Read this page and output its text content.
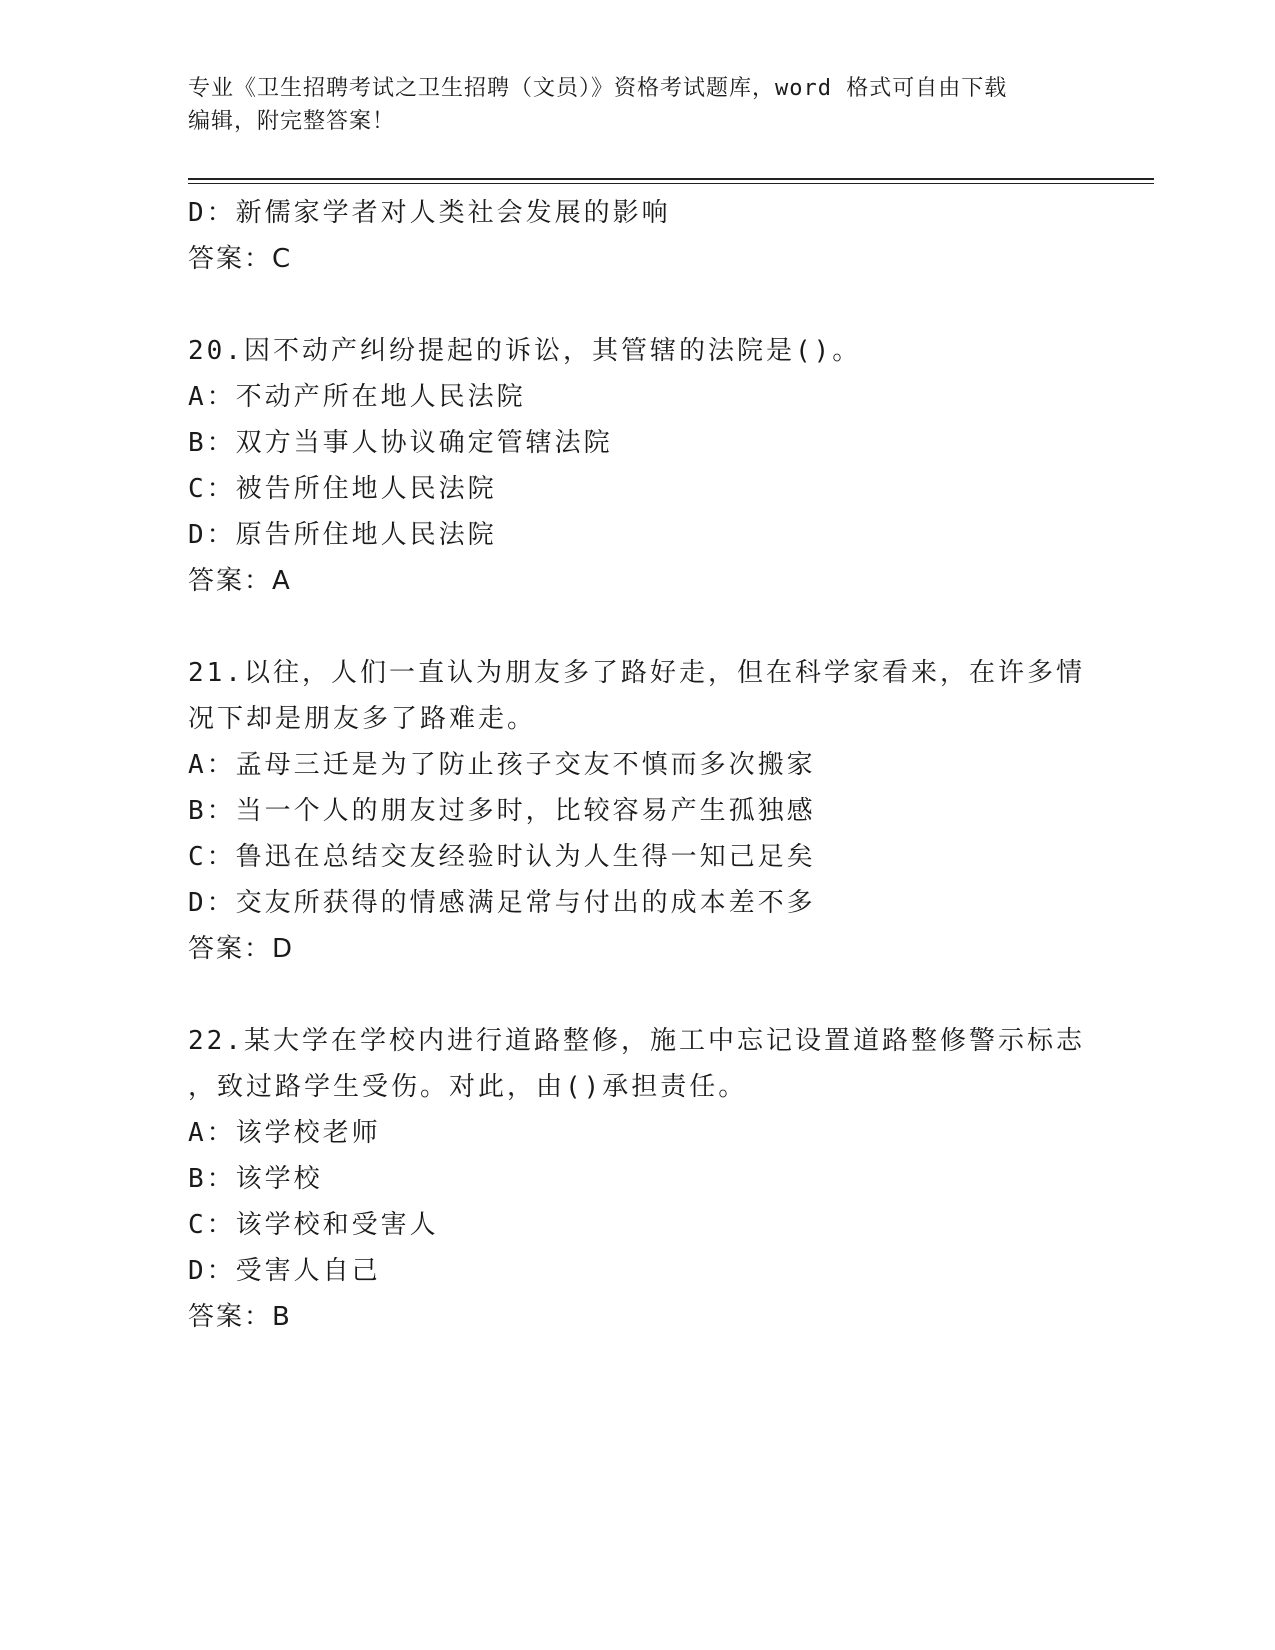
专业《卫生招聘考试之卫生招聘（文员）》资格考试题库，word 格式可自由下载
编辑，附完整答案！
D：新儒家学者对人类社会发展的影响
答案：C
20.因不动产纠纷提起的诉讼，其管辖的法院是()。
A：不动产所在地人民法院
B：双方当事人协议确定管辖法院
C：被告所住地人民法院
D：原告所住地人民法院
答案：A
21.以往，人们一直认为朋友多了路好走，但在科学家看来，在许多情
况下却是朋友多了路难走。
A：孟母三迁是为了防止孩子交友不慎而多次搬家
B：当一个人的朋友过多时，比较容易产生孤独感
C：鲁迅在总结交友经验时认为人生得一知己足矣
D：交友所获得的情感满足常与付出的成本差不多
答案：D
22.某大学在学校内进行道路整修，施工中忘记设置道路整修警示标志
，致过路学生受伤。对此，由()承担责任。
A：该学校老师
B：该学校
C：该学校和受害人
D：受害人自己
答案：B
